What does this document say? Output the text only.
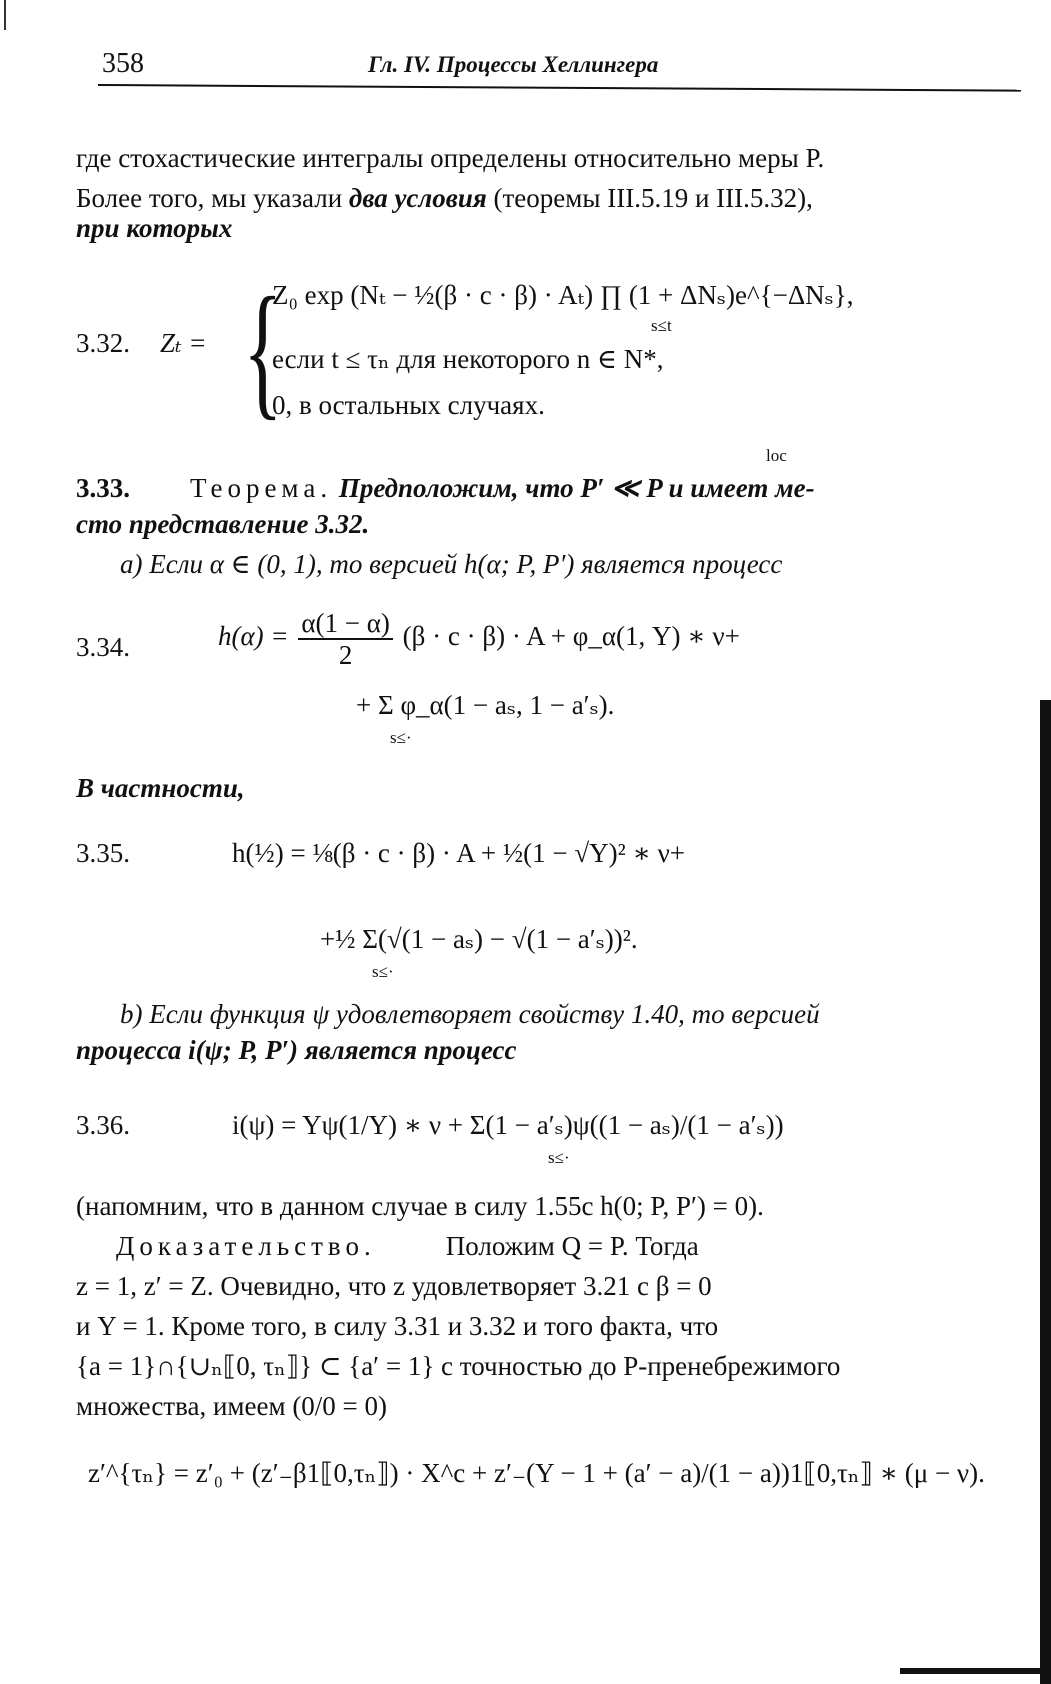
358	Гл. IV. Процессы Хеллингера
где стохастические интегралы определены относительно меры P.
Более того, мы указали два условия (теоремы III.5.19 и III.5.32),
при которых
3.32. Zₜ = {
Z₀ exp (Nₜ − ½(β · c · β) · Aₜ) ∏ (1 + ΔNₛ)e^{−ΔNₛ},
s≤t
если t ≤ τₙ для некоторого n ∈ N*,
0, в остальных случаях.
loc
3.33. Теорема. Предположим, что P′ ≪ P и имеет ме-
сто представление 3.32.
a) Если α ∈ (0, 1), то версией h(α; P, P′) является процесс
3.34.	$h(\alpha) = \frac{\alpha(1 - \alpha)}{2} (\beta \cdot c \cdot \beta) \cdot A$ + φ_α(1, Y) ∗ ν+
+ Σ φ_α(1 − aₛ, 1 − a′ₛ).
s≤·
В частности,
3.35.	h(½) = ⅛(β · c · β) · A + ½(1 − √Y)² ∗ ν+
+½ Σ(√(1 − aₛ) − √(1 − a′ₛ))².
s≤·
b) Если функция ψ удовлетворяет свойству 1.40, то версией
процесса i(ψ; P, P′) является процесс
3.36.	i(ψ) = Yψ(1/Y) ∗ ν + Σ(1 − a′ₛ)ψ((1 − aₛ)/(1 − a′ₛ))
s≤·
(напомним, что в данном случае в силу 1.55c h(0; P, P′) = 0).
Доказательство.	Положим Q = P. Тогда
z = 1, z′ = Z. Очевидно, что z удовлетворяет 3.21 с β = 0
и Y = 1. Кроме того, в силу 3.31 и 3.32 и того факта, что
{a = 1}∩{∪ₙ⟦0, τₙ⟧} ⊂ {a′ = 1} с точностью до P-пренебрежимого
множества, имеем (0/0 = 0)
z′^{τₙ} = z′₀ + (z′₋β1⟦0,τₙ⟧) · X^c + z′₋(Y − 1 + (a′ − a)/(1 − a))1⟦0,τₙ⟧ ∗ (μ − ν).
